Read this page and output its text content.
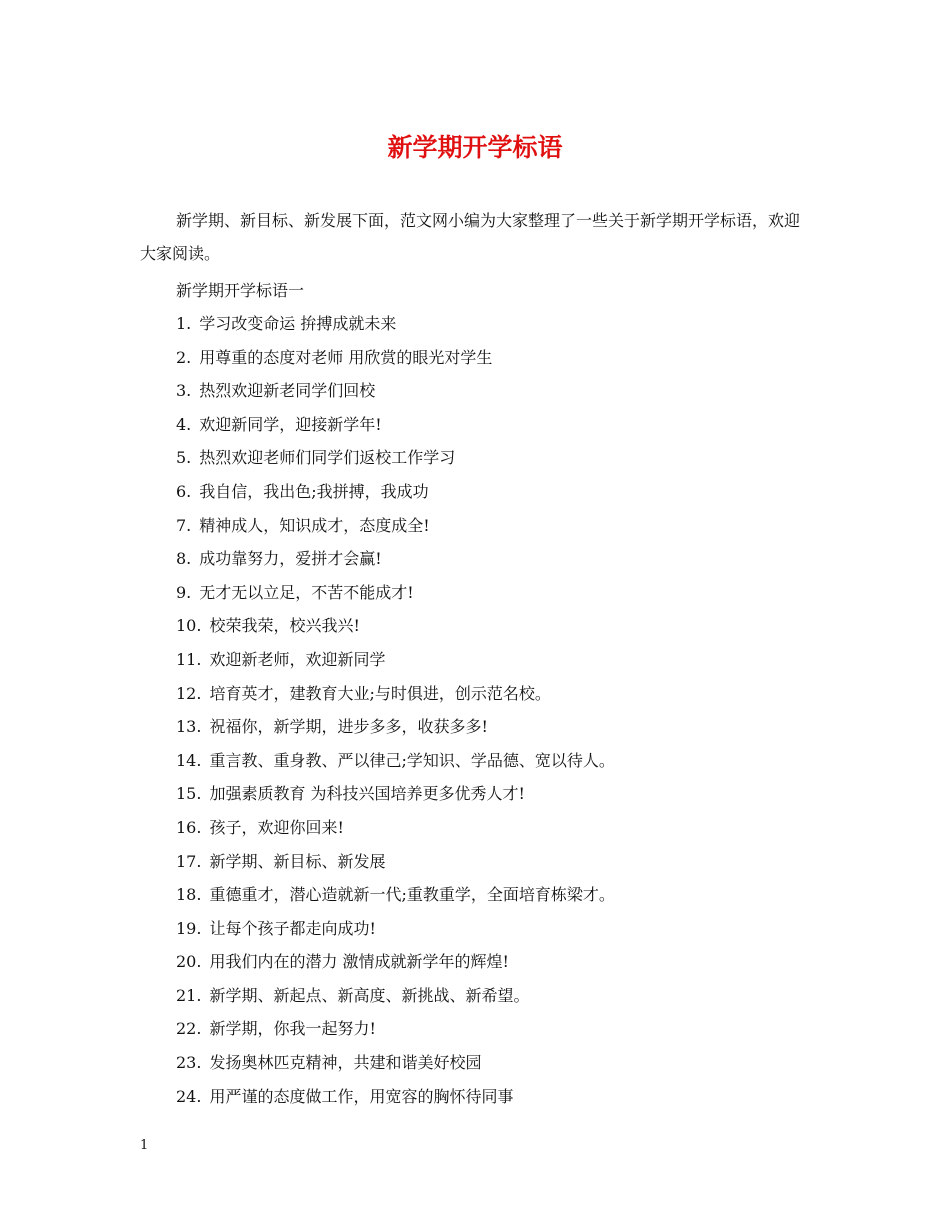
新学期开学标语

新学期、新目标、新发展下面，范文网小编为大家整理了一些关于新学期开学标语，欢迎大家阅读。

新学期开学标语一

1. 学习改变命运 拚搏成就未来
2. 用尊重的态度对老师 用欣赏的眼光对学生
3. 热烈欢迎新老同学们回校
4. 欢迎新同学，迎接新学年!
5. 热烈欢迎老师们同学们返校工作学习
6. 我自信，我出色;我拼搏，我成功
7. 精神成人，知识成才，态度成全!
8. 成功靠努力，爱拼才会赢!
9. 无才无以立足，不苦不能成才!
10. 校荣我荣，校兴我兴!
11. 欢迎新老师，欢迎新同学
12. 培育英才，建教育大业;与时俱进，创示范名校。
13. 祝福你，新学期，进步多多，收获多多!
14. 重言教、重身教、严以律己;学知识、学品德、宽以待人。
15. 加强素质教育 为科技兴国培养更多优秀人才!
16. 孩子，欢迎你回来!
17. 新学期、新目标、新发展
18. 重德重才，潜心造就新一代;重教重学，全面培育栋梁才。
19. 让每个孩子都走向成功!
20. 用我们内在的潜力 激情成就新学年的辉煌!
21. 新学期、新起点、新高度、新挑战、新希望。
22. 新学期，你我一起努力!
23. 发扬奥林匹克精神，共建和谐美好校园
24. 用严谨的态度做工作，用宽容的胸怀待同事

1
